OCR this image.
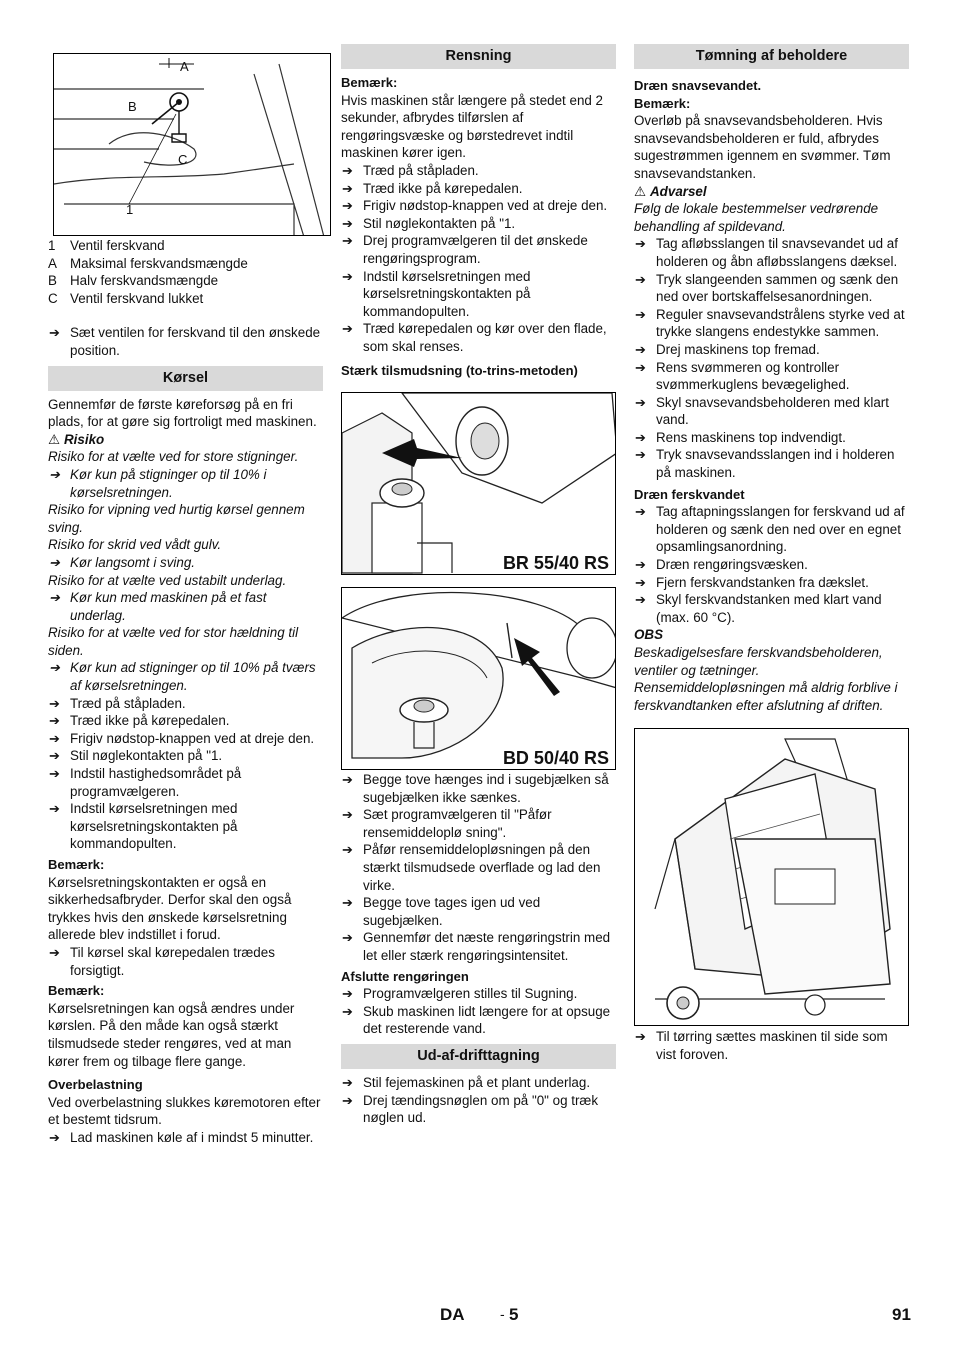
A
B
C
1
1	Ventil ferskvand
A Maksimal ferskvandsmængde
B Halv ferskvandsmængde
C Ventil ferskvand lukket
➔ Sæt ventilen for ferskvand til den ønskede position.
Kørsel
Gennemfør de første køreforsøg på en fri plads, for at gøre sig fortroligt med maskinen.
⚠ Risiko
Risiko for at vælte ved for store stigninger.
➔ Kør kun på stigninger op til 10% i kørselsretningen.
Risiko for vipning ved hurtig kørsel gennem sving.
Risiko for skrid ved vådt gulv.
➔ Kør langsomt i sving.
Risiko for at vælte ved ustabilt underlag.
➔ Kør kun med maskinen på et fast underlag.
Risiko for at vælte ved for stor hældning til siden.
➔ Kør kun ad stigninger op til 10% på tværs af kørselsretningen.
➔ Træd på ståpladen.
➔ Træd ikke på kørepedalen.
➔ Frigiv nødstop-knappen ved at dreje den.
➔ Stil nøglekontakten på "1.
➔ Indstil hastighedsområdet på programvælgeren.
➔ Indstil kørselsretningen med kørselsretningskontakten på kommandopulten.
Bemærk:
Kørselsretningskontakten er også en sikkerhedsafbryder. Derfor skal den også trykkes hvis den ønskede kørselsretning allerede blev indstillet i forud.
➔ Til kørsel skal kørepedalen trædes forsigtigt.
Bemærk:
Kørselsretningen kan også ændres under kørslen. På den måde kan også stærkt tilsmudsede steder rengøres, ved at man kører frem og tilbage flere gange.
Overbelastning
Ved overbelastning slukkes køremotoren efter et bestemt tidsrum.
➔ Lad maskinen køle af i mindst 5 minutter.
Rensning
Bemærk:
Hvis maskinen står længere på stedet end 2 sekunder, afbrydes tilførslen af rengøringsvæske og børstedrevet indtil maskinen kører igen.
➔ Træd på ståpladen.
➔ Træd ikke på kørepedalen.
➔ Frigiv nødstop-knappen ved at dreje den.
➔ Stil nøglekontakten på "1.
➔ Drej programvælgeren til det ønskede rengøringsprogram.
➔ Indstil kørselsretningen med kørselsretningskontakten på kommandopulten.
➔ Træd kørepedalen og kør over den flade, som skal renses.
Stærk tilsmudsning (to-trins-metoden)
BR 55/40 RS
BD 50/40 RS
➔ Begge tove hænges ind i sugebjælken så sugebjælken ikke sænkes.
➔ Sæt programvælgeren til "Påfør rensemiddeloplø sning".
➔ Påfør rensemiddelopløsningen på den stærkt tilsmudsede overflade og lad den virke.
➔ Begge tove tages igen ud ved sugebjælken.
➔ Gennemfør det næste rengøringstrin med let eller stærk rengøringsintensitet.
Afslutte rengøringen
➔ Programvælgeren stilles til Sugning.
➔ Skub maskinen lidt længere for at opsuge det resterende vand.
Ud-af-drifttagning
➔ Stil fejemaskinen på et plant underlag.
➔ Drej tændingsnøglen om på "0" og træk nøglen ud.
Tømning af beholdere
Dræn snavsevandet.
Bemærk:
Overløb på snavsevandsbeholderen. Hvis snavsevandsbeholderen er fuld, afbrydes sugestrømmen igennem en svømmer. Tøm snavsevandstanken.
⚠ Advarsel
Følg de lokale bestemmelser vedrørende behandling af spildevand.
➔ Tag afløbsslangen til snavsevandet ud af holderen og åbn afløbsslangens dæksel.
➔ Tryk slangeenden sammen og sænk den ned over bortskaffelsesanordningen.
➔ Reguler snavsevandstrålens styrke ved at trykke slangens endestykke sammen.
➔ Drej maskinens top fremad.
➔ Rens svømmeren og kontroller svømmerkuglens bevægelighed.
➔ Skyl snavsevandsbeholderen med klart vand.
➔ Rens maskinens top indvendigt.
➔ Tryk snavsevandsslangen ind i holderen på maskinen.
Dræn ferskvandet
➔ Tag aftapningsslangen for ferskvand ud af holderen og sænk den ned over en egnet opsamlingsanordning.
➔ Dræn rengøringsvæsken.
➔ Fjern ferskvandstanken fra dækslet.
➔ Skyl ferskvandstanken med klart vand (max. 60 °C).
OBS
Beskadigelsesfare ferskvandsbeholderen, ventiler og tætninger. Rensemiddelopløsningen må aldrig forblive i ferskvandtanken efter afslutning af driften.
➔ Til tørring sættes maskinen til side som vist foroven.
DA	- 5	91
